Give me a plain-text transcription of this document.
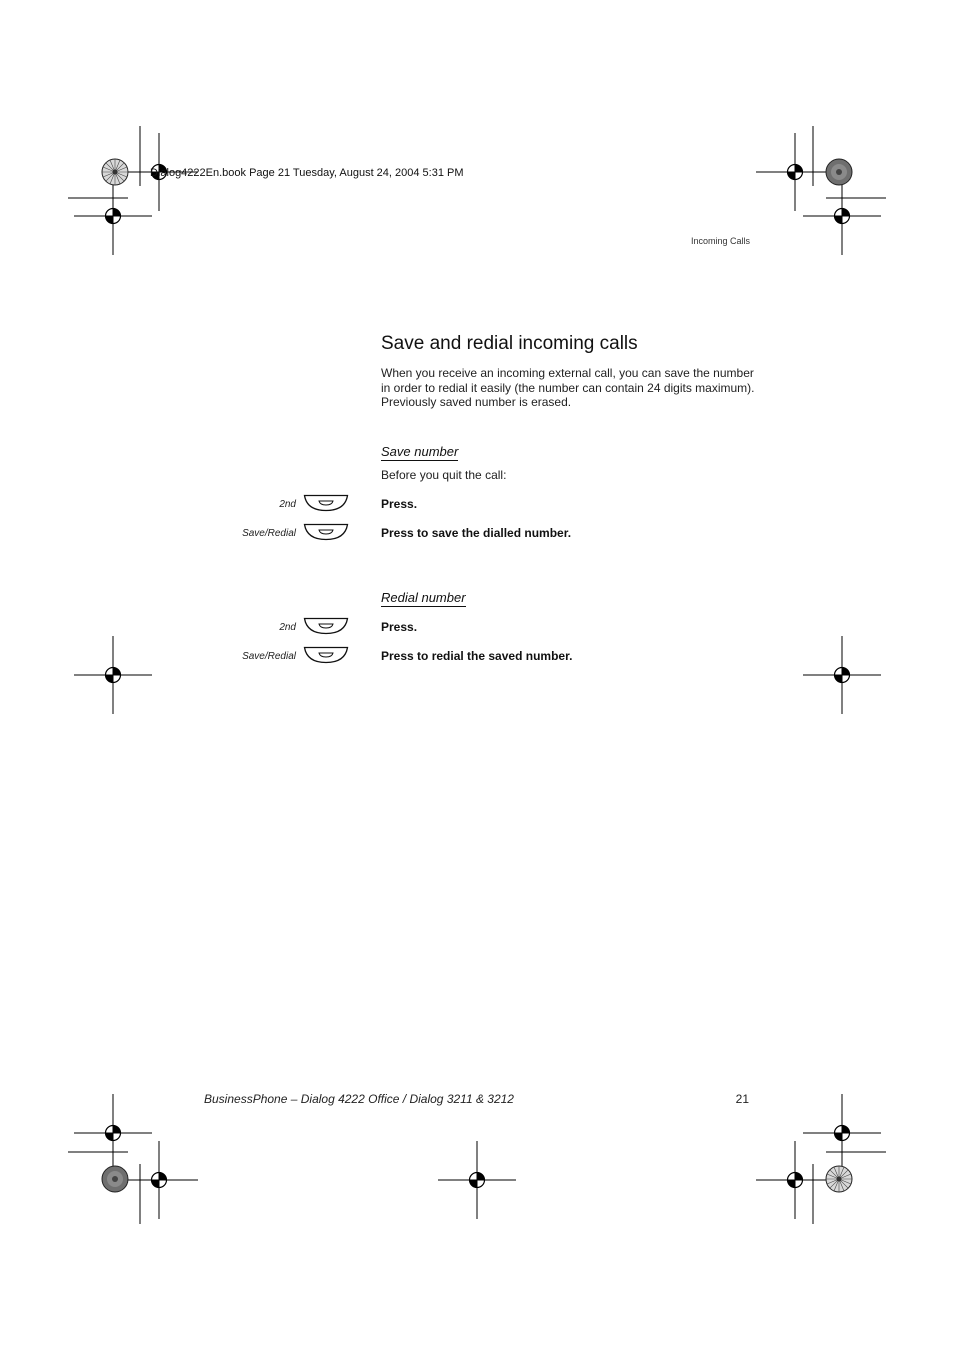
Dialog4222En.book Page 21 Tuesday, August 24, 2004 5:31 PM
Incoming Calls
Save and redial incoming calls

When you receive an incoming external call, you can save the number in order to redial it easily (the number can contain 24 digits maximum). Previously saved number is erased.

Save number
Before you quit the call:
2nd	Press.
Save/Redial	Press to save the dialled number.
Redial number
2nd	Press.
Save/Redial	Press to redial the saved number.
BusinessPhone – Dialog 4222 Office / Dialog 3211 & 3212	21
